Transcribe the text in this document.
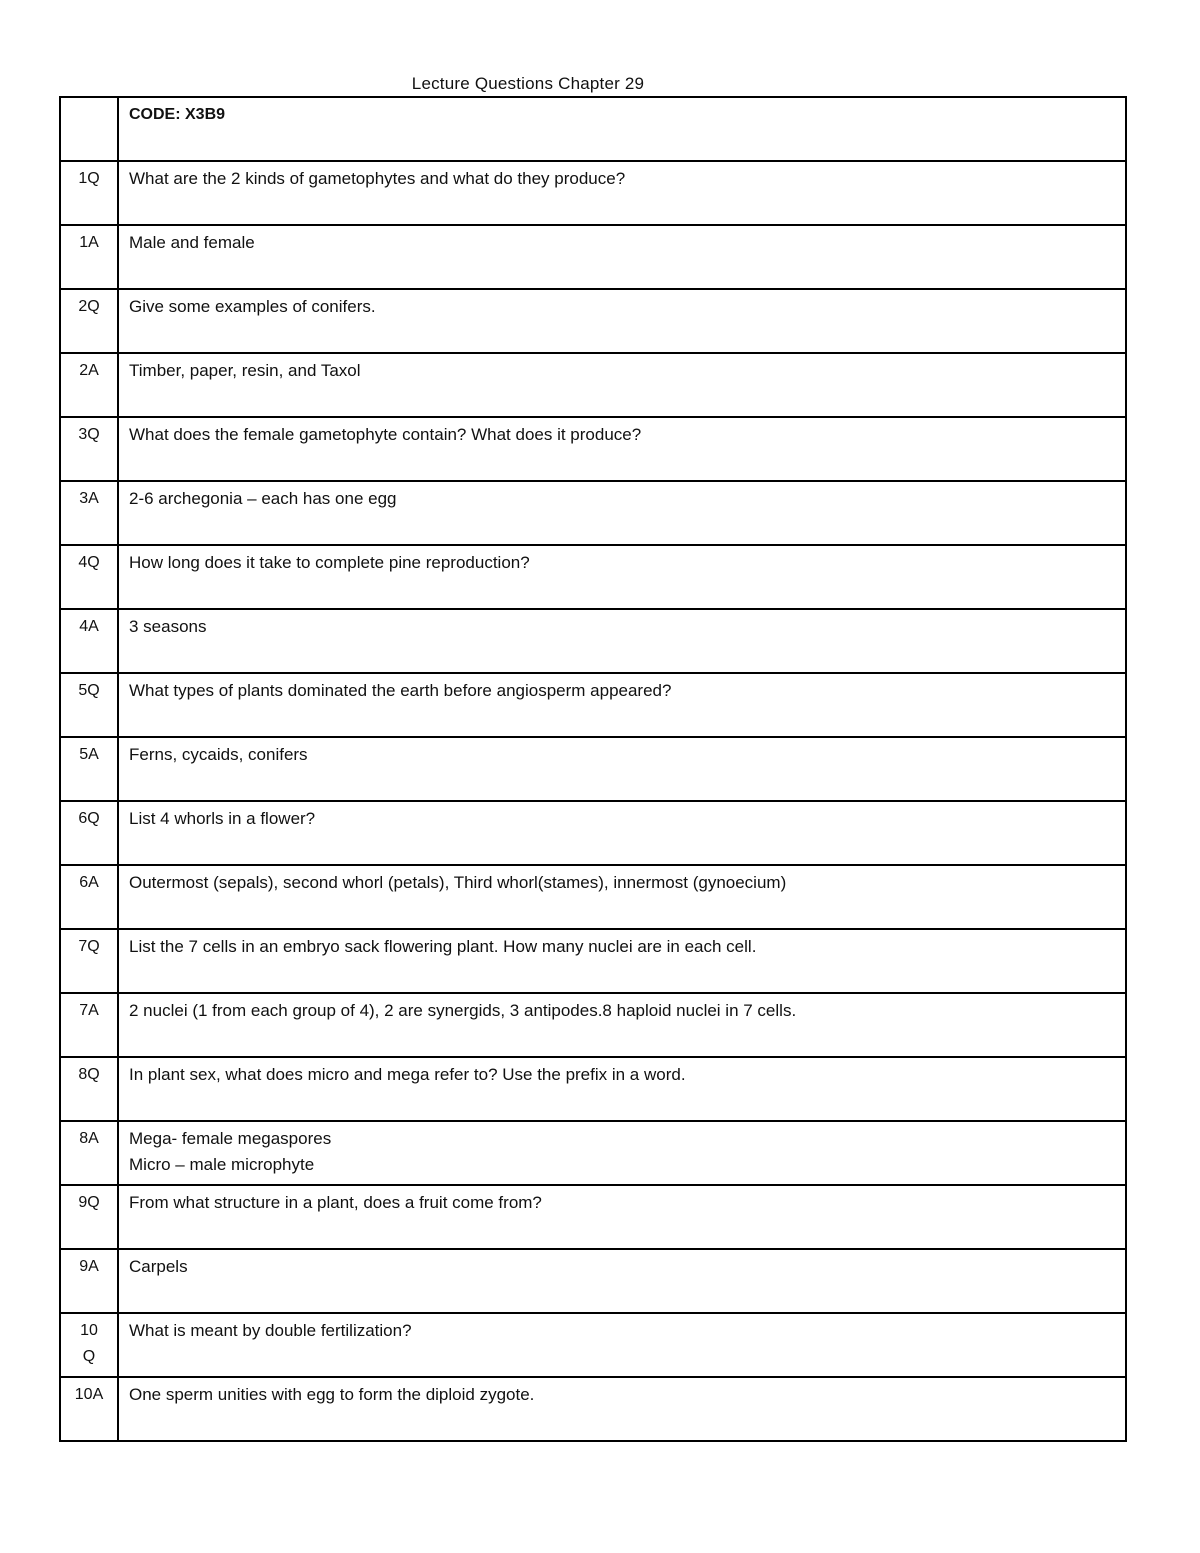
Lecture Questions Chapter 29
	CODE: X3B9

1Q	What are the 2 kinds of gametophytes and what do they produce?

1A	Male and female

2Q	Give some examples of conifers.

2A	Timber, paper, resin, and Taxol

3Q	What does the female gametophyte contain? What does it produce?

3A	2-6 archegonia – each has one egg

4Q	How long does it take to complete pine reproduction?

4A	3 seasons

5Q	What types of plants dominated the earth before angiosperm appeared?

5A	Ferns, cycaids, conifers

6Q	List 4 whorls in a flower?

6A	Outermost (sepals), second whorl (petals), Third whorl(stames), innermost (gynoecium)

7Q	List the 7 cells in an embryo sack flowering plant. How many nuclei are in each cell.

7A	2 nuclei (1 from each group of 4), 2 are synergids, 3 antipodes.8 haploid nuclei in 7 cells.

8Q	In plant sex, what does micro and mega refer to? Use the prefix in a word.

8A	Mega- female megaspores
Micro – male microphyte

9Q	From what structure in a plant, does a fruit come from?

9A	Carpels

10
Q	What is meant by double fertilization?

10A	One sperm unities with egg to form the diploid zygote.
